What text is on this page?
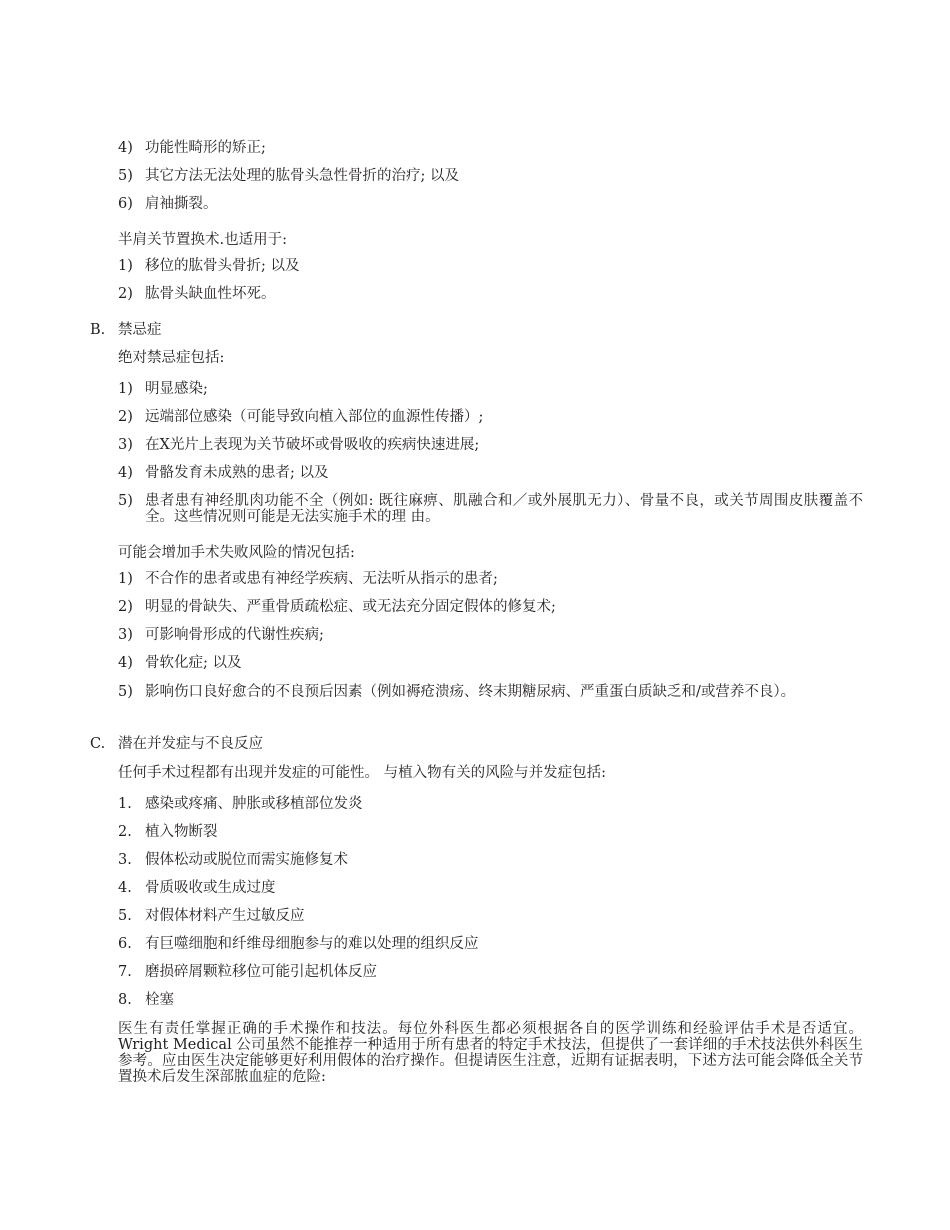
4) 功能性畸形的矫正;
5) 其它方法无法处理的肱骨头急性骨折的治疗; 以及
6) 肩袖撕裂。
半肩关节置换术.也适用于:
1) 移位的肱骨头骨折; 以及
2) 肱骨头缺血性坏死。
B. 禁忌症
绝对禁忌症包括:
1) 明显感染;
2) 远端部位感染（可能导致向植入部位的血源性传播）;
3) 在X光片上表现为关节破坏或骨吸收的疾病快速进展;
4) 骨骼发育未成熟的患者; 以及
5) 患者患有神经肌肉功能不全（例如: 既往麻痹、肌融合和／或外展肌无力）、骨量不良，或关节周围皮肤覆盖不全。这些情况则可能是无法实施手术的理 由。
可能会增加手术失败风险的情况包括:
1) 不合作的患者或患有神经学疾病、无法听从指示的患者;
2) 明显的骨缺失、严重骨质疏松症、或无法充分固定假体的修复术;
3) 可影响骨形成的代谢性疾病;
4) 骨软化症; 以及
5) 影响伤口良好愈合的不良预后因素（例如褥疮溃疡、终末期糖尿病、严重蛋白质缺乏和/或营养不良）。
C. 潜在并发症与不良反应
任何手术过程都有出现并发症的可能性。 与植入物有关的风险与并发症包括:
1. 感染或疼痛、肿胀或移植部位发炎
2. 植入物断裂
3. 假体松动或脱位而需实施修复术
4. 骨质吸收或生成过度
5. 对假体材料产生过敏反应
6. 有巨噬细胞和纤维母细胞参与的难以处理的组织反应
7. 磨损碎屑颗粒移位可能引起机体反应
8. 栓塞
医生有责任掌握正确的手术操作和技法。每位外科医生都必须根据各自的医学训练和经验评估手术是否适宜。Wright Medical 公司虽然不能推荐一种适用于所有患者的特定手术技法，但提供了一套详细的手术技法供外科医生参考。应由医生决定能够更好利用假体的治疗操作。但提请医生注意，近期有证据表明，下述方法可能会降低全关节置换术后发生深部脓血症的危险:
